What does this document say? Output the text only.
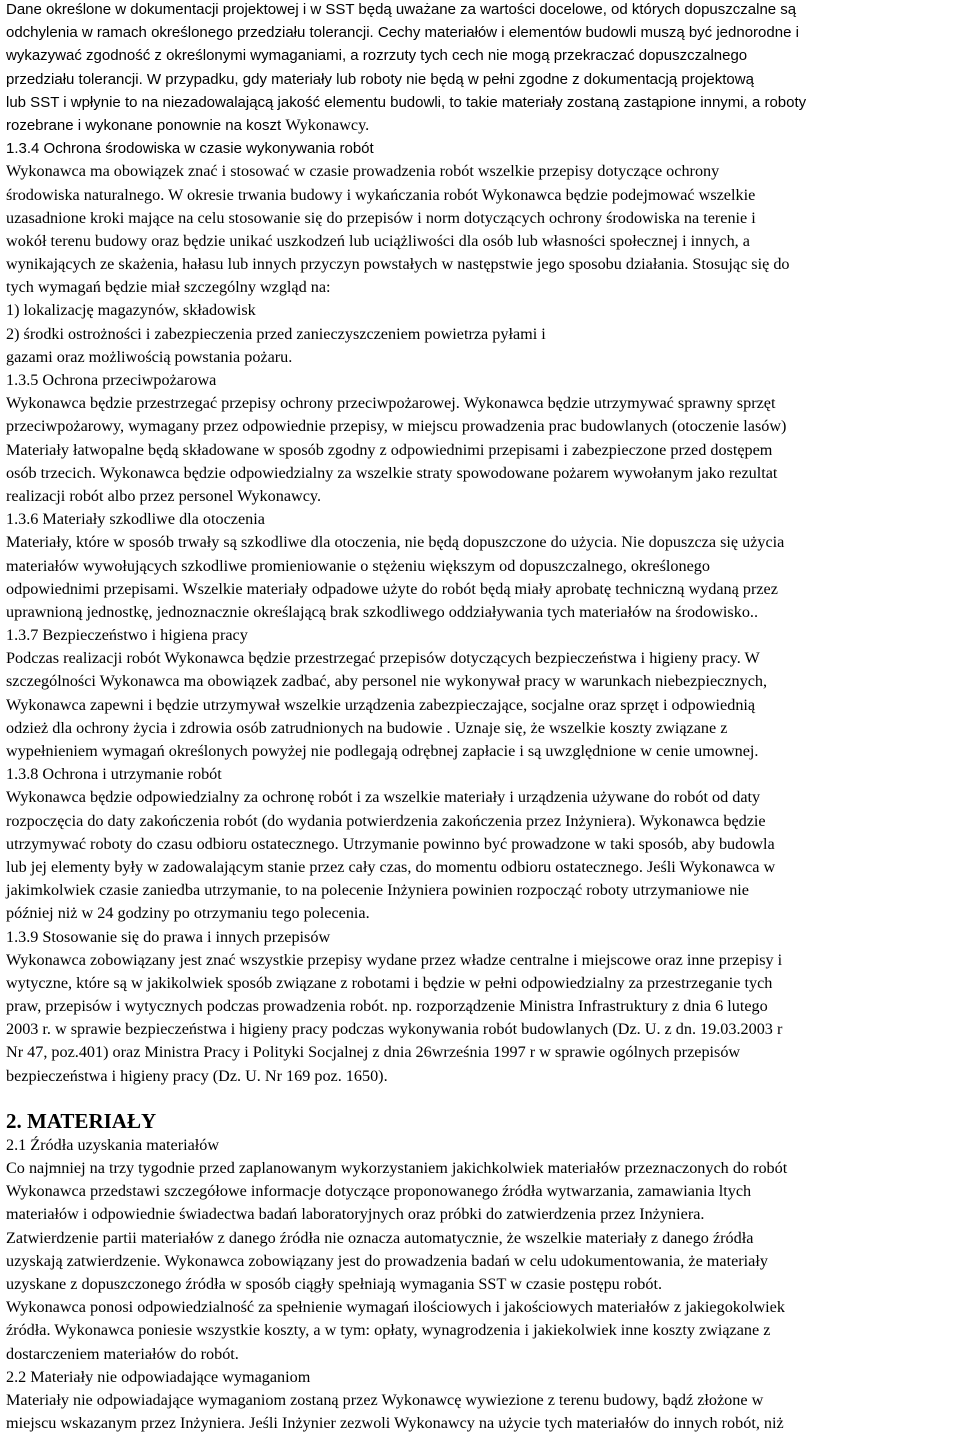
Dane określone w dokumentacji projektowej i w SST będą uważane za wartości docelowe, od których dopuszczalne są
odchylenia w ramach określonego przedziału tolerancji. Cechy materiałów i elementów budowli muszą być jednorodne i
wykazywać zgodność z określonymi wymaganiami, a rozrzuty tych cech nie mogą przekraczać dopuszczalnego
przedziału tolerancji. W przypadku, gdy materiały lub roboty nie będą w pełni zgodne z dokumentacją projektową
lub SST i wpłynie to na niezadowalającą jakość elementu budowli, to takie materiały zostaną zastąpione innymi, a roboty
rozebrane i wykonane ponownie na koszt Wykonawcy.
1.3.4 Ochrona środowiska w czasie wykonywania robót
Wykonawca ma obowiązek znać i stosować w czasie prowadzenia robót wszelkie przepisy dotyczące ochrony
środowiska naturalnego. W okresie trwania budowy i wykańczania robót Wykonawca będzie podejmować wszelkie
uzasadnione kroki mające na celu stosowanie się do przepisów i norm dotyczących ochrony środowiska na terenie i
wokół terenu budowy oraz będzie unikać uszkodzeń lub uciążliwości dla osób lub własności społecznej i innych, a
wynikających ze skażenia, hałasu lub innych przyczyn powstałych w następstwie jego sposobu działania. Stosując się do
tych wymagań będzie miał szczególny wzgląd na:
1) lokalizację magazynów, składowisk
2) środki ostrożności i zabezpieczenia przed zanieczyszczeniem powietrza pyłami i
gazami oraz możliwością powstania pożaru.
1.3.5 Ochrona przeciwpożarowa
Wykonawca będzie przestrzegać przepisy ochrony przeciwpożarowej. Wykonawca będzie utrzymywać sprawny sprzęt
przeciwpożarowy, wymagany przez odpowiednie przepisy, w miejscu prowadzenia prac budowlanych (otoczenie lasów)
Materiały łatwopalne będą składowane w sposób zgodny z odpowiednimi przepisami i zabezpieczone przed dostępem
osób trzecich. Wykonawca będzie odpowiedzialny za wszelkie straty spowodowane pożarem wywołanym jako rezultat
realizacji robót albo przez personel Wykonawcy.
1.3.6 Materiały szkodliwe dla otoczenia
Materiały, które w sposób trwały są szkodliwe dla otoczenia, nie będą dopuszczone do użycia. Nie dopuszcza się użycia
materiałów wywołujących szkodliwe promieniowanie o stężeniu większym od dopuszczalnego, określonego
odpowiednimi przepisami. Wszelkie materiały odpadowe użyte do robót będą miały aprobatę techniczną wydaną przez
uprawnioną jednostkę, jednoznacznie określającą brak szkodliwego oddziaływania tych materiałów na środowisko..
1.3.7 Bezpieczeństwo i higiena pracy
Podczas realizacji robót Wykonawca będzie przestrzegać przepisów dotyczących bezpieczeństwa i higieny pracy. W
szczególności Wykonawca ma obowiązek zadbać, aby personel nie wykonywał pracy w warunkach niebezpiecznych,
Wykonawca zapewni i będzie utrzymywał wszelkie urządzenia zabezpieczające, socjalne oraz sprzęt i odpowiednią
odzież dla ochrony życia i zdrowia osób zatrudnionych na budowie . Uznaje się, że wszelkie koszty związane z
wypełnieniem wymagań określonych powyżej nie podlegają odrębnej zapłacie i są uwzględnione w cenie umownej.
1.3.8 Ochrona i utrzymanie robót
Wykonawca będzie odpowiedzialny za ochronę robót i za wszelkie materiały i urządzenia używane do robót od daty
rozpoczęcia do daty zakończenia robót (do wydania potwierdzenia zakończenia przez Inżyniera). Wykonawca będzie
utrzymywać roboty do czasu odbioru ostatecznego. Utrzymanie powinno być prowadzone w taki sposób, aby budowla
lub jej elementy były w zadowalającym stanie przez cały czas, do momentu odbioru ostatecznego. Jeśli Wykonawca w
jakimkolwiek czasie zaniedba utrzymanie, to na polecenie Inżyniera powinien rozpocząć roboty utrzymaniowe nie
później niż w 24 godziny po otrzymaniu tego polecenia.
1.3.9 Stosowanie się do prawa i innych przepisów
Wykonawca zobowiązany jest znać wszystkie przepisy wydane przez władze centralne i miejscowe oraz inne przepisy i
wytyczne, które są w jakikolwiek sposób związane z robotami i będzie w pełni odpowiedzialny za przestrzeganie tych
praw, przepisów i wytycznych podczas prowadzenia robót. np. rozporządzenie Ministra Infrastruktury z dnia 6 lutego
2003 r. w sprawie bezpieczeństwa i higieny pracy podczas wykonywania robót budowlanych (Dz. U. z dn. 19.03.2003 r
Nr 47, poz.401) oraz Ministra Pracy i Polityki Socjalnej z dnia 26września 1997 r w sprawie ogólnych przepisów
bezpieczeństwa i higieny pracy (Dz. U. Nr 169 poz. 1650).
2. MATERIAŁY
2.1 Źródła uzyskania materiałów
Co najmniej na trzy tygodnie przed zaplanowanym wykorzystaniem jakichkolwiek materiałów przeznaczonych do robót
Wykonawca przedstawi szczegółowe informacje dotyczące proponowanego źródła wytwarzania, zamawiania ltych
materiałów i odpowiednie świadectwa badań laboratoryjnych oraz próbki do zatwierdzenia przez Inżyniera.
Zatwierdzenie partii materiałów z danego źródła nie oznacza automatycznie, że wszelkie materiały z danego źródła
uzyskają zatwierdzenie. Wykonawca zobowiązany jest do prowadzenia badań w celu udokumentowania, że materiały
uzyskane z dopuszczonego źródła w sposób ciągły spełniają wymagania SST w czasie postępu robót.
Wykonawca ponosi odpowiedzialność za spełnienie wymagań ilościowych i jakościowych materiałów z jakiegokolwiek
źródła. Wykonawca poniesie wszystkie koszty, a w tym: opłaty, wynagrodzenia i jakiekolwiek inne koszty związane z
dostarczeniem materiałów do robót.
2.2 Materiały nie odpowiadające wymaganiom
Materiały nie odpowiadające wymaganiom zostaną przez Wykonawcę wywiezione z terenu budowy, bądź złożone w
miejscu wskazanym przez Inżyniera. Jeśli Inżynier zezwoli Wykonawcy na użycie tych materiałów do innych robót, niż
